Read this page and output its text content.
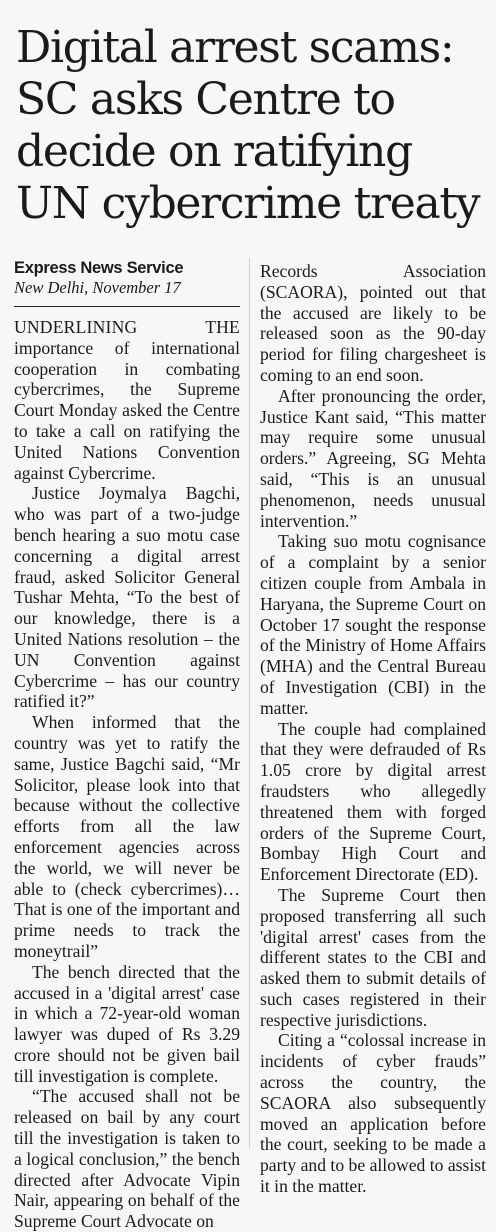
Digital arrest scams:
SC asks Centre to
decide on ratifying
UN cybercrime treaty
Express News Service
New Delhi, November 17

UNDERLINING THE importance of international cooperation in combating cybercrimes, the Supreme Court Monday asked the Centre to take a call on ratifying the United Nations Convention against Cybercrime.

Justice Joymalya Bagchi, who was part of a two-judge bench hearing a suo motu case concerning a digital arrest fraud, asked Solicitor General Tushar Mehta, “To the best of our knowledge, there is a United Nations resolution – the UN Convention against Cybercrime – has our country ratified it?”

When informed that the country was yet to ratify the same, Justice Bagchi said, “Mr Solicitor, please look into that because without the collective efforts from all the law enforcement agencies across the world, we will never be able to (check cybercrimes)…That is one of the important and prime needs to track the moneytrail”

The bench directed that the accused in a 'digital arrest' case in which a 72-year-old woman lawyer was duped of Rs 3.29 crore should not be given bail till investigation is complete.

“The accused shall not be released on bail by any court till the investigation is taken to a logical conclusion,” the bench directed after Advocate Vipin Nair, appearing on behalf of the Supreme Court Advocate on

Records Association (SCAORA), pointed out that the accused are likely to be released soon as the 90-day period for filing chargesheet is coming to an end soon.

After pronouncing the order, Justice Kant said, “This matter may require some unusual orders.” Agreeing, SG Mehta said, “This is an unusual phenomenon, needs unusual intervention.”

Taking suo motu cognisance of a complaint by a senior citizen couple from Ambala in Haryana, the Supreme Court on October 17 sought the response of the Ministry of Home Affairs (MHA) and the Central Bureau of Investigation (CBI) in the matter.

The couple had complained that they were defrauded of Rs 1.05 crore by digital arrest fraudsters who allegedly threatened them with forged orders of the Supreme Court, Bombay High Court and Enforcement Directorate (ED).

The Supreme Court then proposed transferring all such 'digital arrest' cases from the different states to the CBI and asked them to submit details of such cases registered in their respective jurisdictions.

Citing a “colossal increase in incidents of cyber frauds” across the country, the SCAORA also subsequently moved an application before the court, seeking to be made a party and to be allowed to assist it in the matter.
